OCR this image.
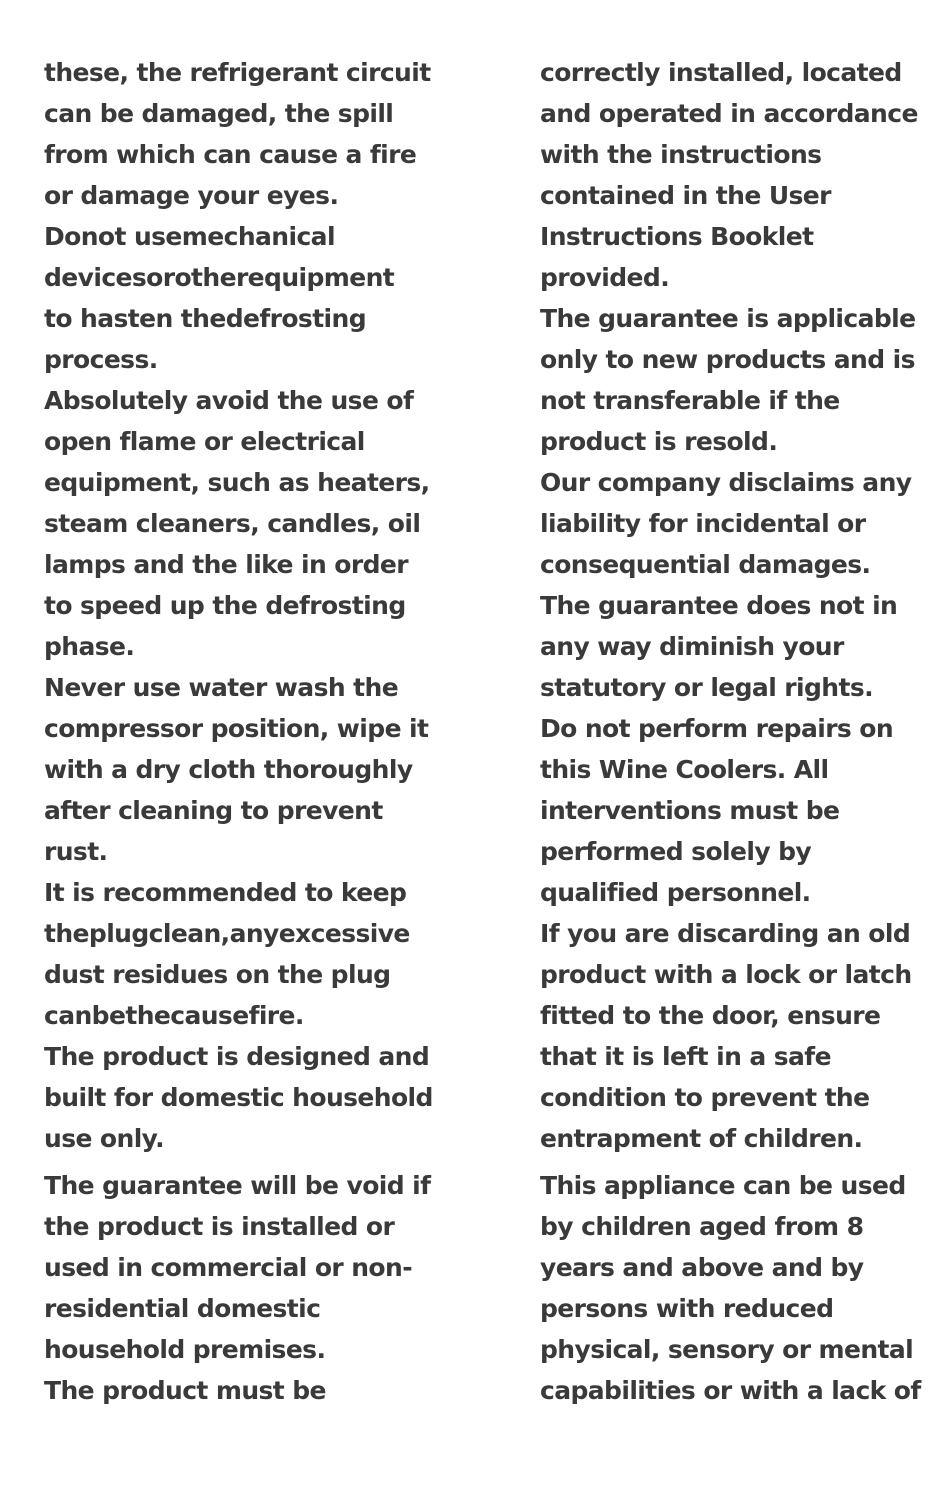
these, the refrigerant circuit
can be damaged, the spill
from which can cause a fire
or damage your eyes.
Donot usemechanical
devicesorotherequipment
to hasten thedefrosting
process.
Absolutely avoid the use of
open flame or electrical
equipment, such as heaters,
steam cleaners, candles, oil
lamps and the like in order
to speed up the defrosting
phase.
Never use water wash the
compressor position, wipe it
with a dry cloth thoroughly
after cleaning to prevent
rust.
It is recommended to keep
theplugclean,anyexcessive
dust residues on the plug
canbethecausefire.
The product is designed and
built for domestic household
use only.
The guarantee will be void if
the product is installed or
used in commercial or non-
residential domestic
household premises.
The product must be
correctly installed, located
and operated in accordance
with the instructions
contained in the User
Instructions Booklet
provided.
The guarantee is applicable
only to new products and is
not transferable if the
product is resold.
Our company disclaims any
liability for incidental or
consequential damages.
The guarantee does not in
any way diminish your
statutory or legal rights.
Do not perform repairs on
this Wine Coolers. All
interventions must be
performed solely by
qualified personnel.
If you are discarding an old
product with a lock or latch
fitted to the door, ensure
that it is left in a safe
condition to prevent the
entrapment of children.
This appliance can be used
by children aged from 8
years and above and by
persons with reduced
physical, sensory or mental
capabilities or with a lack of
